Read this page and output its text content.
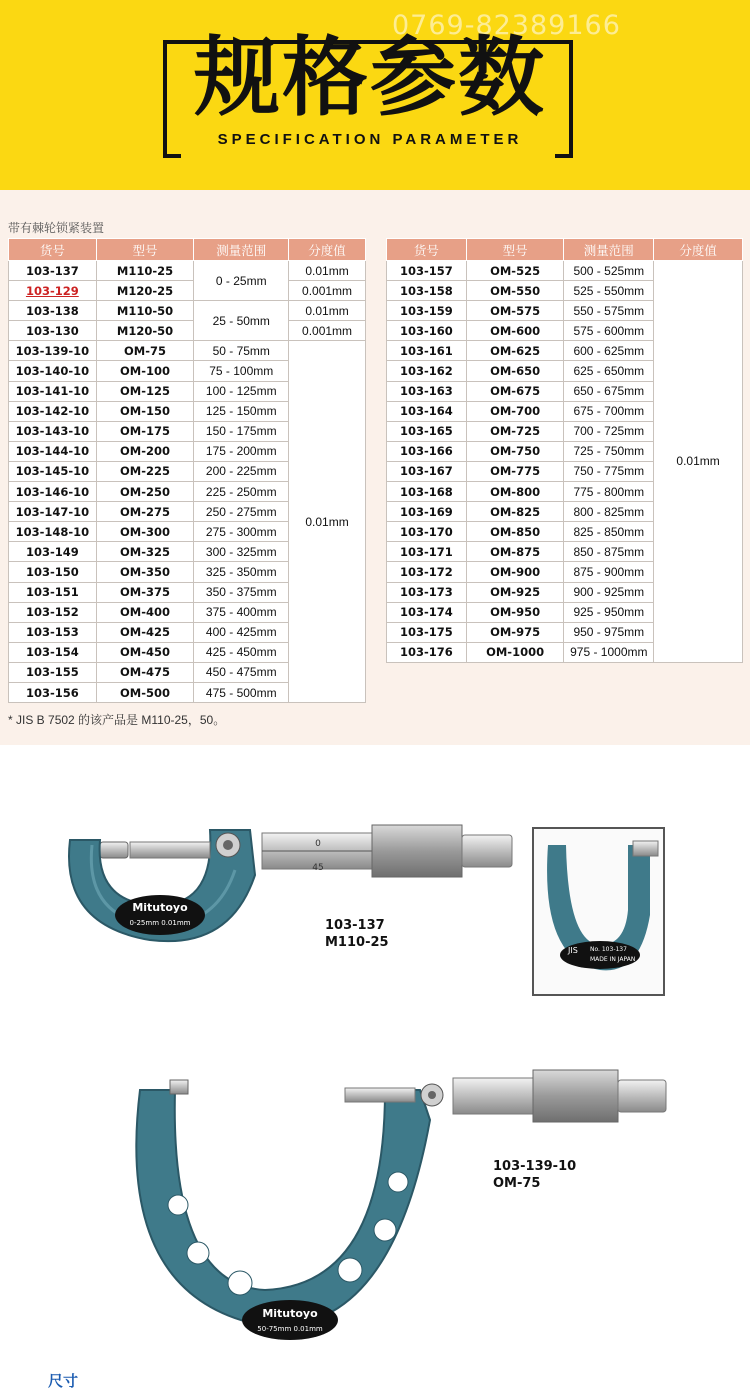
0769-82389166
规格参数
SPECIFICATION PARAMETER
带有棘轮锁紧装置
货号	型号	测量范围	分度值
103-137	M110-25	0 - 25mm	0.01mm
103-129	M120-25		0.001mm
103-138	M110-50	25 - 50mm	0.01mm
103-130	M120-50		0.001mm
103-139-10	OM-75	50 - 75mm	0.01mm
103-140-10	OM-100	75 - 100mm	
103-141-10	OM-125	100 - 125mm	
103-142-10	OM-150	125 - 150mm	
103-143-10	OM-175	150 - 175mm	
103-144-10	OM-200	175 - 200mm	
103-145-10	OM-225	200 - 225mm	
103-146-10	OM-250	225 - 250mm	
103-147-10	OM-275	250 - 275mm	
103-148-10	OM-300	275 - 300mm	
103-149	OM-325	300 - 325mm	
103-150	OM-350	325 - 350mm	
103-151	OM-375	350 - 375mm	
103-152	OM-400	375 - 400mm	
103-153	OM-425	400 - 425mm	
103-154	OM-450	425 - 450mm	
103-155	OM-475	450 - 475mm	
103-156	OM-500	475 - 500mm	
货号	型号	测量范围	分度值
103-157	OM-525	500 - 525mm	0.01mm
103-158	OM-550	525 - 550mm	
103-159	OM-575	550 - 575mm	
103-160	OM-600	575 - 600mm	
103-161	OM-625	600 - 625mm	
103-162	OM-650	625 - 650mm	
103-163	OM-675	650 - 675mm	
103-164	OM-700	675 - 700mm	
103-165	OM-725	700 - 725mm	
103-166	OM-750	725 - 750mm	
103-167	OM-775	750 - 775mm	
103-168	OM-800	775 - 800mm	
103-169	OM-825	800 - 825mm	
103-170	OM-850	825 - 850mm	
103-171	OM-875	850 - 875mm	
103-172	OM-900	875 - 900mm	
103-173	OM-925	900 - 925mm	
103-174	OM-950	925 - 950mm	
103-175	OM-975	950 - 975mm	
103-176	OM-1000	975 - 1000mm	
* JIS B 7502 的该产品是 M110-25，50。
Mitutoyo
0-25mm 0.01mm
0
45
JIS No. 103-137
MADE IN JAPAN
Mitutoyo
50-75mm 0.01mm
103-137
M110-25
103-139-10
OM-75
尺寸
